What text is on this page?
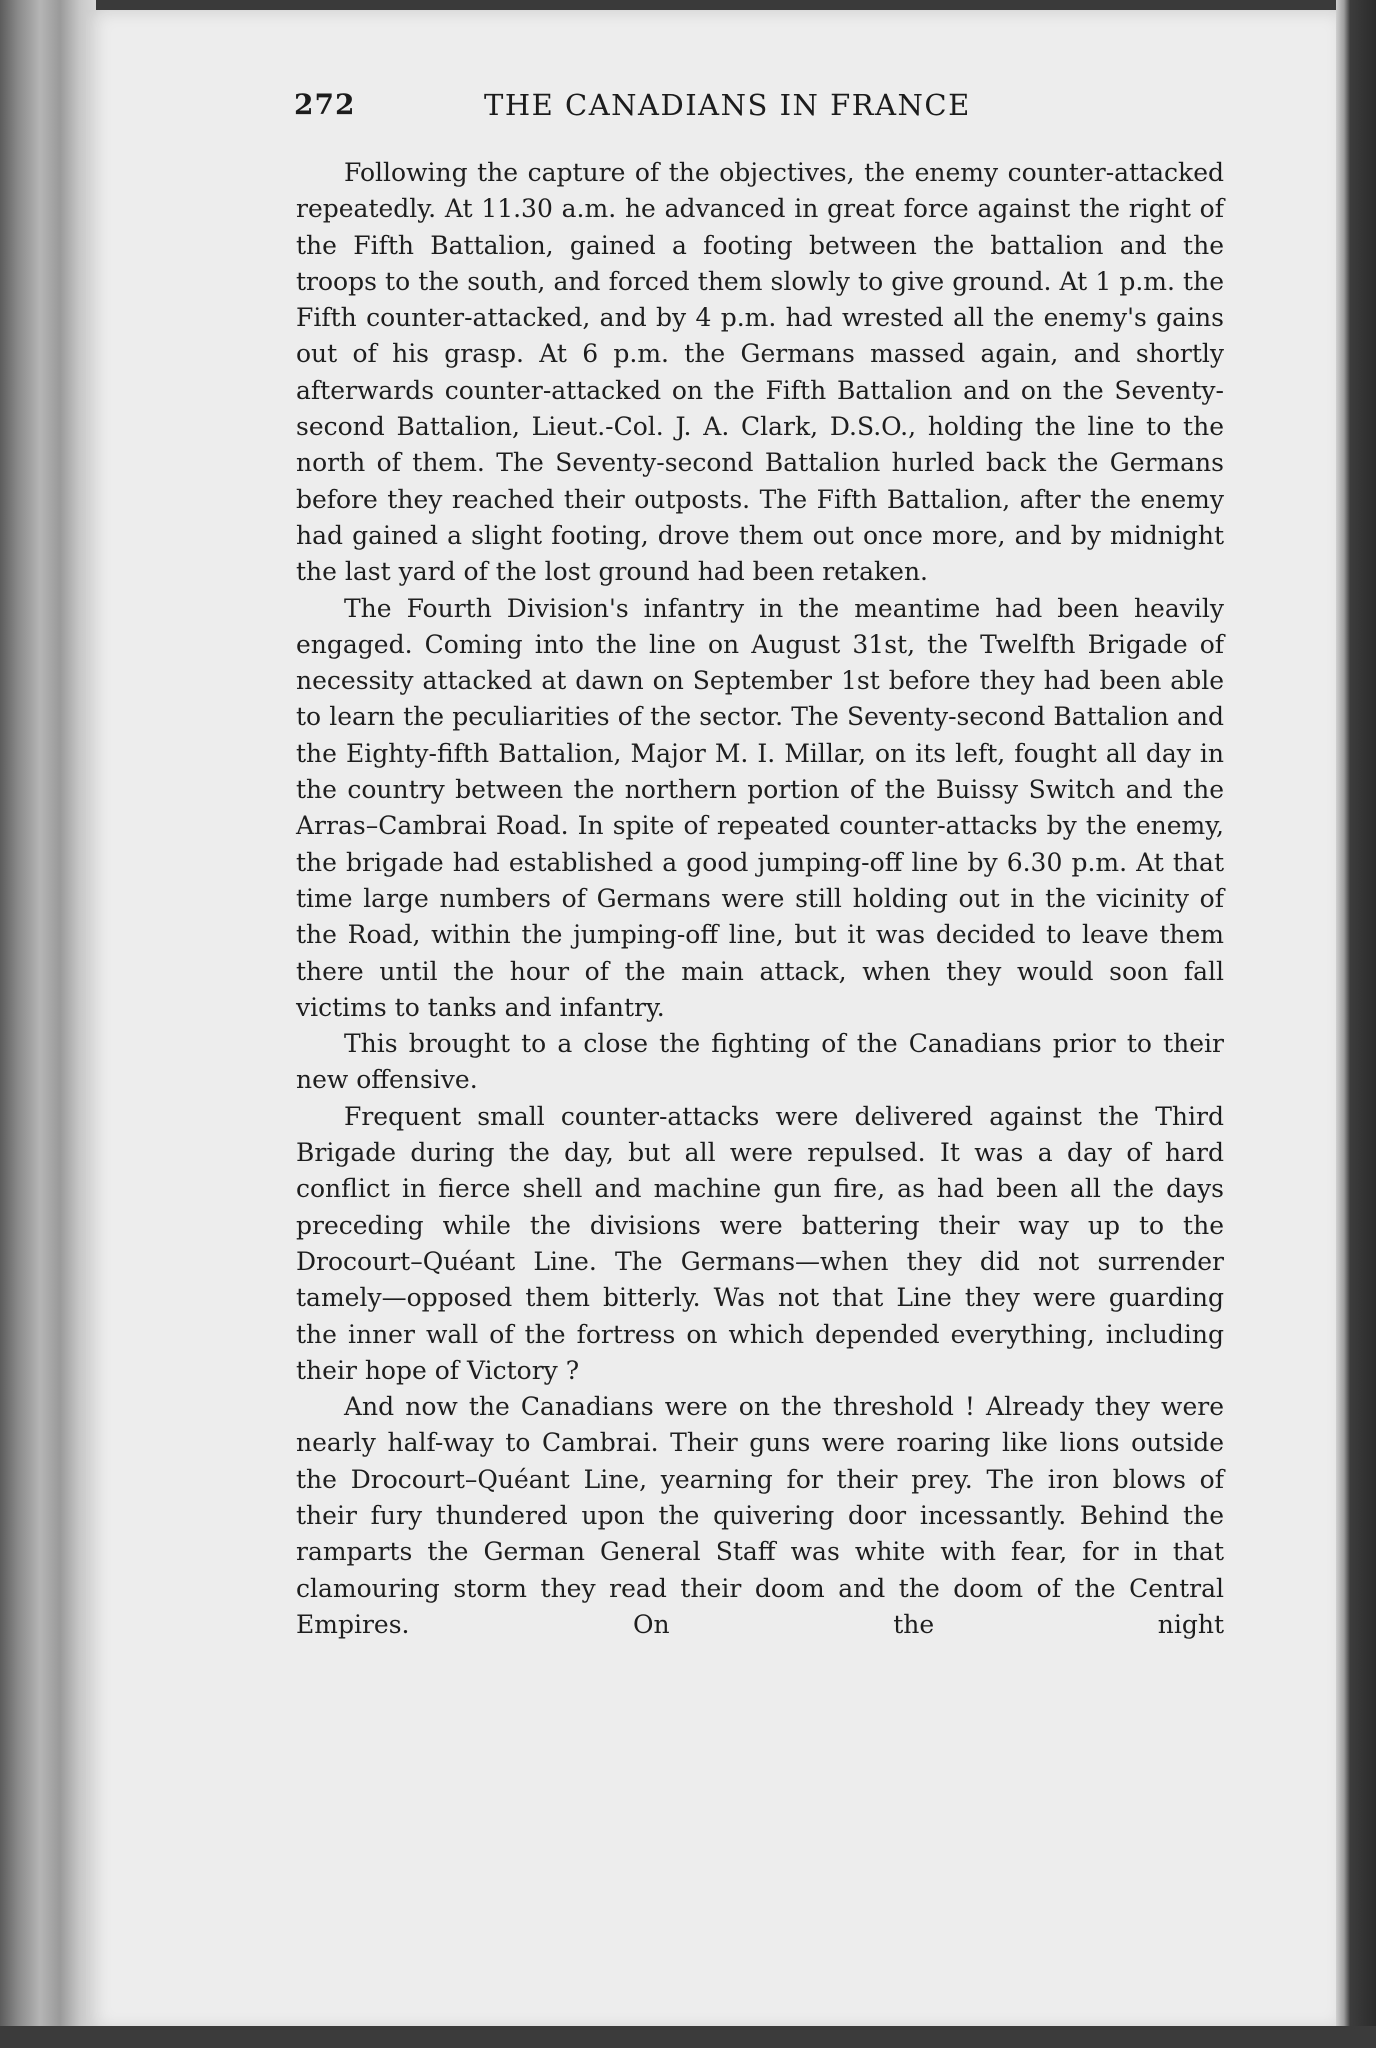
272	THE CANADIANS IN FRANCE

Following the capture of the objectives, the enemy counter-attacked repeatedly. At 11.30 a.m. he advanced in great force against the right of the Fifth Battalion, gained a footing between the battalion and the troops to the south, and forced them slowly to give ground. At 1 p.m. the Fifth counter-attacked, and by 4 p.m. had wrested all the enemy's gains out of his grasp. At 6 p.m. the Germans massed again, and shortly afterwards counter-attacked on the Fifth Battalion and on the Seventy-second Battalion, Lieut.-Col. J. A. Clark, D.S.O., holding the line to the north of them. The Seventy-second Battalion hurled back the Germans before they reached their outposts. The Fifth Battalion, after the enemy had gained a slight footing, drove them out once more, and by midnight the last yard of the lost ground had been retaken.

The Fourth Division's infantry in the meantime had been heavily engaged. Coming into the line on August 31st, the Twelfth Brigade of necessity attacked at dawn on September 1st before they had been able to learn the peculiarities of the sector. The Seventy-second Battalion and the Eighty-fifth Battalion, Major M. I. Millar, on its left, fought all day in the country between the northern portion of the Buissy Switch and the Arras–Cambrai Road. In spite of repeated counter-attacks by the enemy, the brigade had established a good jumping-off line by 6.30 p.m. At that time large numbers of Germans were still holding out in the vicinity of the Road, within the jumping-off line, but it was decided to leave them there until the hour of the main attack, when they would soon fall victims to tanks and infantry.

This brought to a close the fighting of the Canadians prior to their new offensive.

Frequent small counter-attacks were delivered against the Third Brigade during the day, but all were repulsed. It was a day of hard conflict in fierce shell and machine gun fire, as had been all the days preceding while the divisions were battering their way up to the Drocourt–Quéant Line. The Germans—when they did not surrender tamely—opposed them bitterly. Was not that Line they were guarding the inner wall of the fortress on which depended everything, including their hope of Victory ?

And now the Canadians were on the threshold ! Already they were nearly half-way to Cambrai. Their guns were roaring like lions outside the Drocourt–Quéant Line, yearning for their prey. The iron blows of their fury thundered upon the quivering door incessantly. Behind the ramparts the German General Staff was white with fear, for in that clamouring storm they read their doom and the doom of the Central Empires. On the night
